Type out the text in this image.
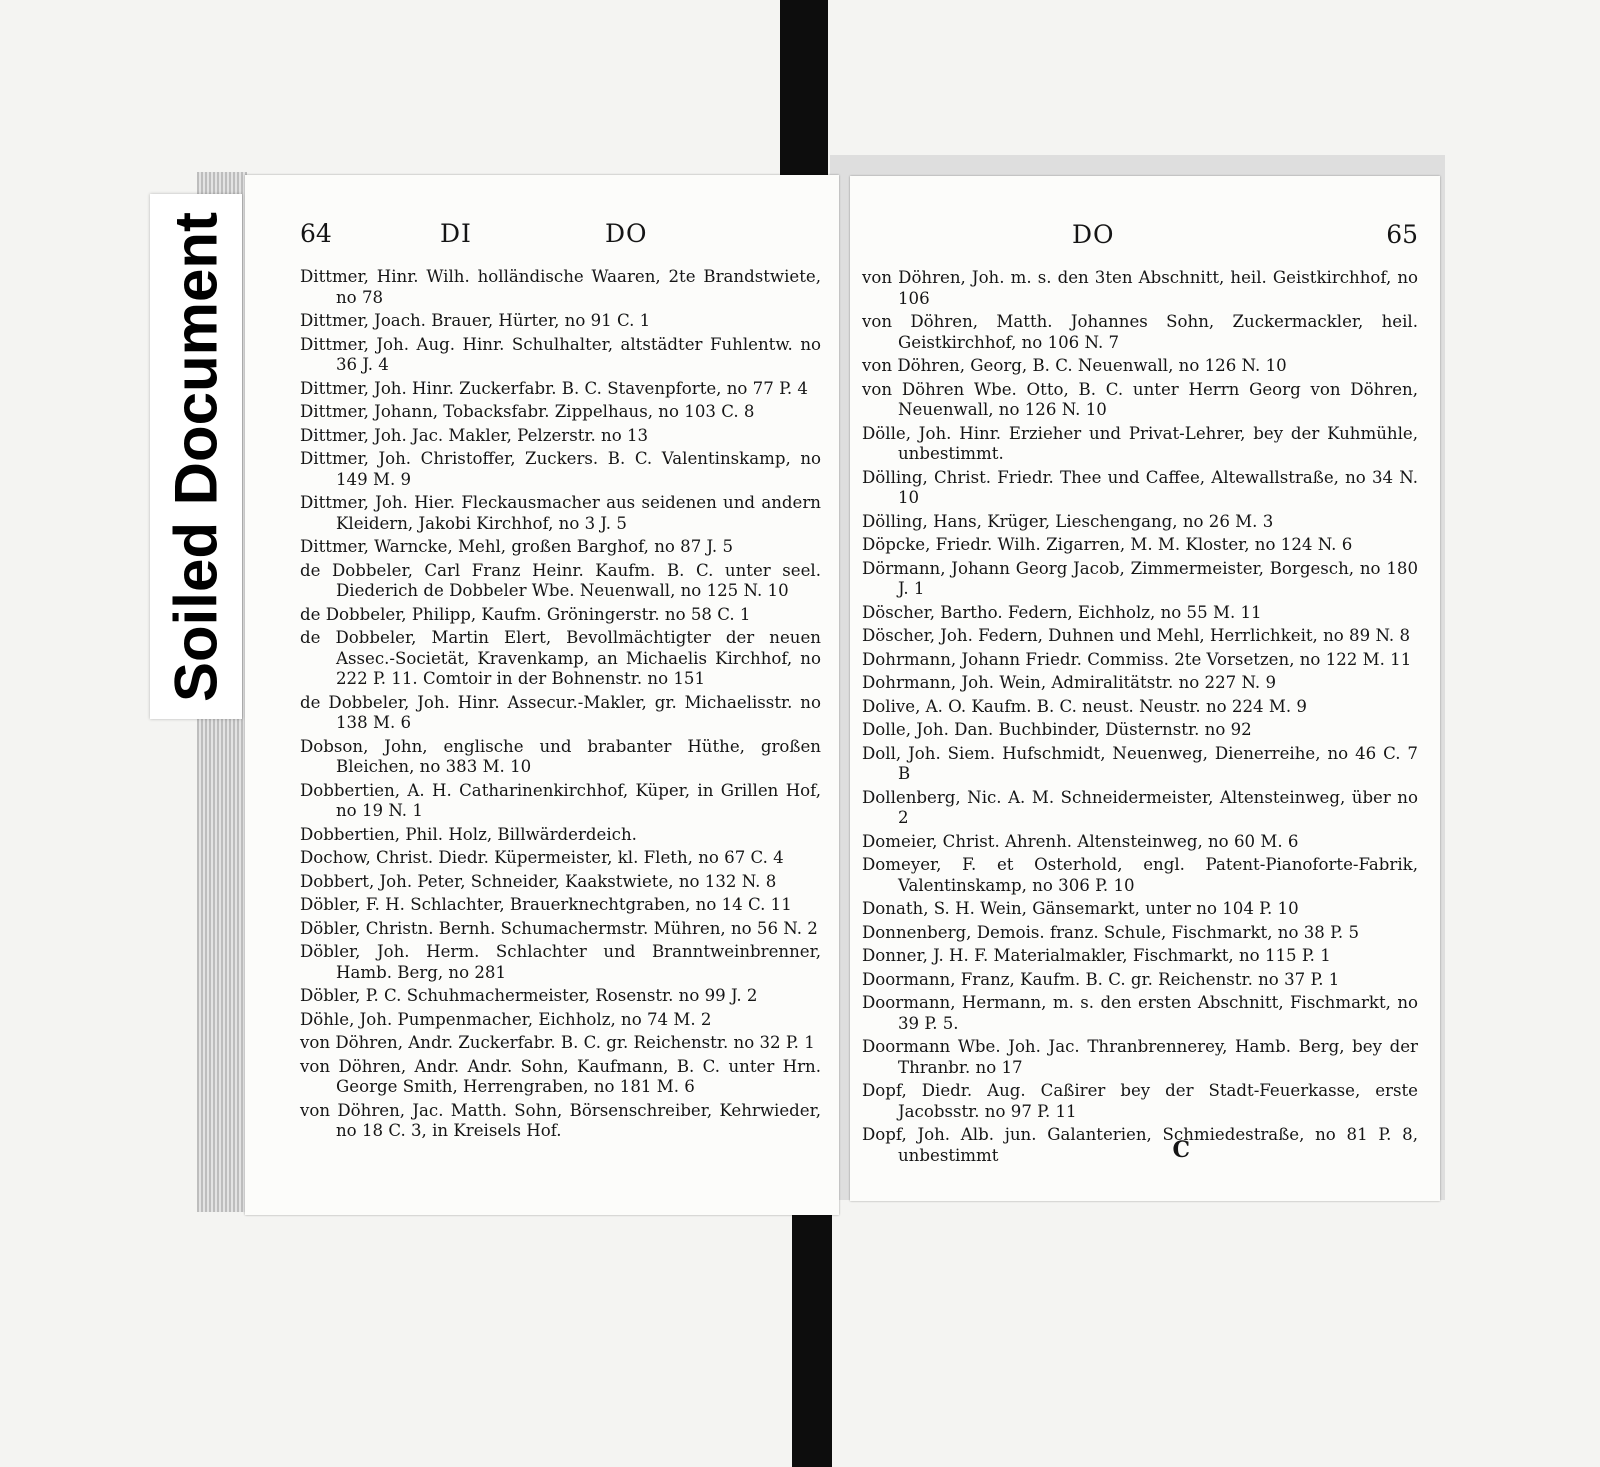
64	DI	DO
Dittmer, Hinr. Wilh. holländische Waaren, 2te Brandstwiete, no 78
Dittmer, Joach. Brauer, Hürter, no 91 C. 1
Dittmer, Joh. Aug. Hinr. Schulhalter, altstädter Fuhlentw. no 36 J. 4
Dittmer, Joh. Hinr. Zuckerfabr. B. C. Stavenpforte, no 77 P. 4
Dittmer, Johann, Tobacksfabr. Zippelhaus, no 103 C. 8
Dittmer, Joh. Jac. Makler, Pelzerstr. no 13
Dittmer, Joh. Christoffer, Zuckers. B. C. Valentinskamp, no 149 M. 9
Dittmer, Joh. Hier. Fleckausmacher aus seidenen und andern Kleidern, Jakobi Kirchhof, no 3 J. 5
Dittmer, Warncke, Mehl, großen Barghof, no 87 J. 5
de Dobbeler, Carl Franz Heinr. Kaufm. B. C. unter seel. Diederich de Dobbeler Wbe. Neuenwall, no 125 N. 10
de Dobbeler, Philipp, Kaufm. Gröningerstr. no 58 C. 1
de Dobbeler, Martin Elert, Bevollmächtigter der neuen Assec.-Societät, Kravenkamp, an Michaelis Kirchhof, no 222 P. 11. Comtoir in der Bohnenstr. no 151
de Dobbeler, Joh. Hinr. Assecur.-Makler, gr. Michaelisstr. no 138 M. 6
Dobson, John, englische und brabanter Hüthe, großen Bleichen, no 383 M. 10
Dobbertien, A. H. Catharinenkirchhof, Küper, in Grillen Hof, no 19 N. 1
Dobbertien, Phil. Holz, Billwärderdeich.
Dochow, Christ. Diedr. Küpermeister, kl. Fleth, no 67 C. 4
Dobbert, Joh. Peter, Schneider, Kaakstwiete, no 132 N. 8
Döbler, F. H. Schlachter, Brauerknechtgraben, no 14 C. 11
Döbler, Christn. Bernh. Schumachermstr. Mühren, no 56 N. 2
Döbler, Joh. Herm. Schlachter und Branntweinbrenner, Hamb. Berg, no 281
Döbler, P. C. Schuhmachermeister, Rosenstr. no 99 J. 2
Döhle, Joh. Pumpenmacher, Eichholz, no 74 M. 2
von Döhren, Andr. Zuckerfabr. B. C. gr. Reichenstr. no 32 P. 1
von Döhren, Andr. Andr. Sohn, Kaufmann, B. C. unter Hrn. George Smith, Herrengraben, no 181 M. 6
von Döhren, Jac. Matth. Sohn, Börsenschreiber, Kehrwieder, no 18 C. 3, in Kreisels Hof.
DO	65
von Döhren, Joh. m. s. den 3ten Abschnitt, heil. Geistkirchhof, no 106
von Döhren, Matth. Johannes Sohn, Zuckermackler, heil. Geistkirchhof, no 106 N. 7
von Döhren, Georg, B. C. Neuenwall, no 126 N. 10
von Döhren Wbe. Otto, B. C. unter Herrn Georg von Döhren, Neuenwall, no 126 N. 10
Dölle, Joh. Hinr. Erzieher und Privat-Lehrer, bey der Kuhmühle, unbestimmt.
Dölling, Christ. Friedr. Thee und Caffee, Altewallstraße, no 34 N. 10
Dölling, Hans, Krüger, Lieschengang, no 26 M. 3
Döpcke, Friedr. Wilh. Zigarren, M. M. Kloster, no 124 N. 6
Dörmann, Johann Georg Jacob, Zimmermeister, Borgesch, no 180 J. 1
Döscher, Bartho. Federn, Eichholz, no 55 M. 11
Döscher, Joh. Federn, Duhnen und Mehl, Herrlichkeit, no 89 N. 8
Dohrmann, Johann Friedr. Commiss. 2te Vorsetzen, no 122 M. 11
Dohrmann, Joh. Wein, Admiralitätstr. no 227 N. 9
Dolive, A. O. Kaufm. B. C. neust. Neustr. no 224 M. 9
Dolle, Joh. Dan. Buchbinder, Düsternstr. no 92
Doll, Joh. Siem. Hufschmidt, Neuenweg, Dienerreihe, no 46 C. 7 B
Dollenberg, Nic. A. M. Schneidermeister, Altensteinweg, über no 2
Domeier, Christ. Ahrenh. Altensteinweg, no 60 M. 6
Domeyer, F. et Osterhold, engl. Patent-Pianoforte-Fabrik, Valentinskamp, no 306 P. 10
Donath, S. H. Wein, Gänsemarkt, unter no 104 P. 10
Donnenberg, Demois. franz. Schule, Fischmarkt, no 38 P. 5
Donner, J. H. F. Materialmakler, Fischmarkt, no 115 P. 1
Doormann, Franz, Kaufm. B. C. gr. Reichenstr. no 37 P. 1
Doormann, Hermann, m. s. den ersten Abschnitt, Fischmarkt, no 39 P. 5.
Doormann Wbe. Joh. Jac. Thranbrennerey, Hamb. Berg, bey der Thranbr. no 17
Dopf, Diedr. Aug. Caßirer bey der Stadt-Feuerkasse, erste Jacobsstr. no 97 P. 11
Dopf, Joh. Alb. jun. Galanterien, Schmiedestraße, no 81 P. 8, unbestimmt	C
Soiled Document
